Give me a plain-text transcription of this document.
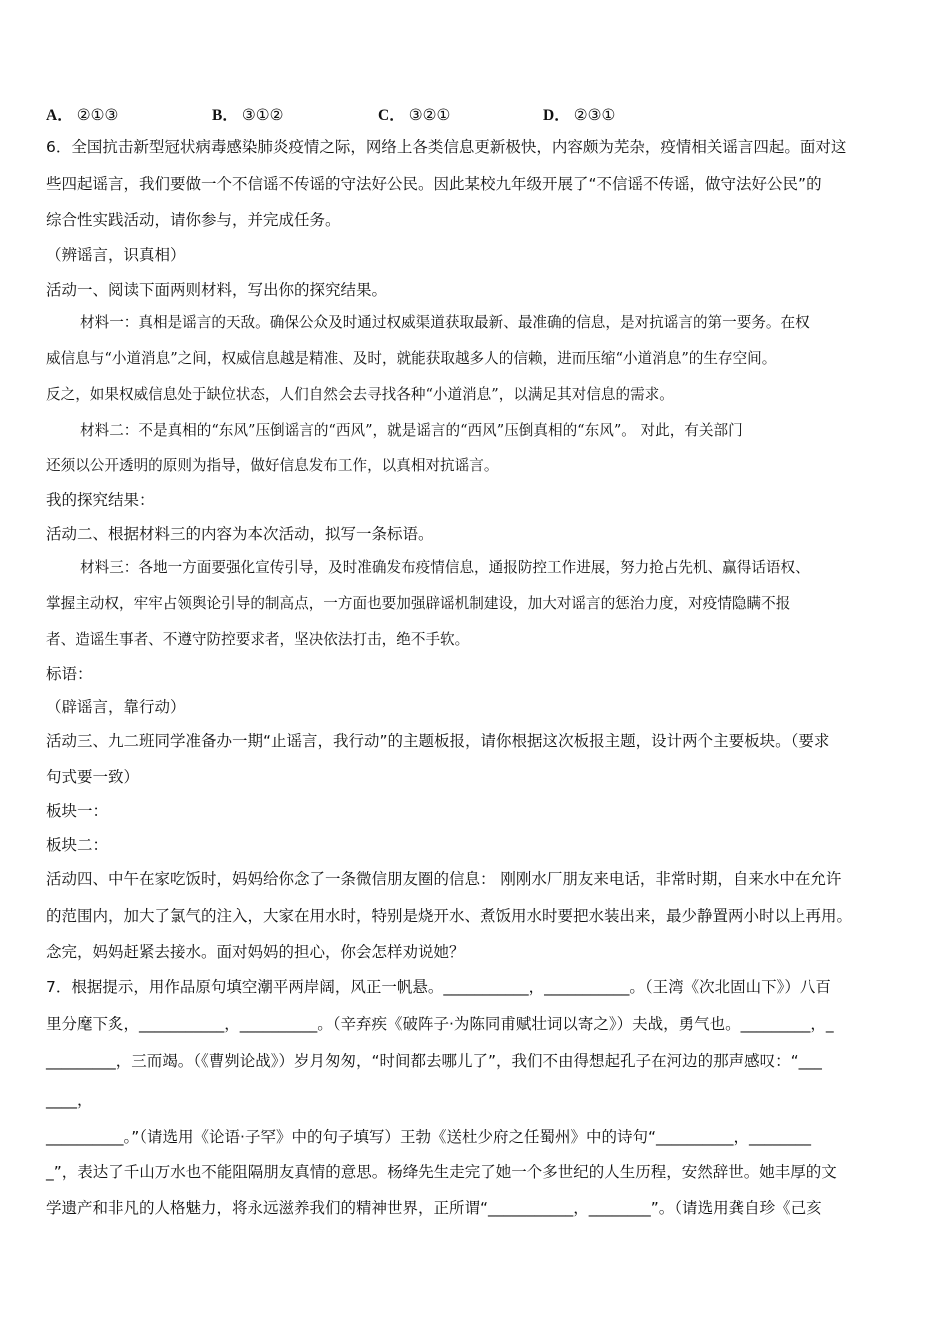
A． ②①③	B． ③①②	C． ③②①	D． ②③①
6．全国抗击新型冠状病毒感染肺炎疫情之际，网络上各类信息更新极快，内容颇为芜杂，疫情相关谣言四起。面对这
些四起谣言，我们要做一个不信谣不传谣的守法好公民。因此某校九年级开展了“不信谣不传谣，做守法好公民”的
综合性实践活动，请你参与，并完成任务。
（辨谣言，识真相）
活动一、阅读下面两则材料，写出你的探究结果。
材料一：真相是谣言的天敌。确保公众及时通过权威渠道获取最新、最准确的信息，是对抗谣言的第一要务。在权
威信息与“小道消息”之间，权威信息越是精准、及时，就能获取越多人的信赖，进而压缩“小道消息”的生存空间。
反之，如果权威信息处于缺位状态，人们自然会去寻找各种“小道消息”，以满足其对信息的需求。
材料二：不是真相的“东风”压倒谣言的“西风”，就是谣言的“西风”压倒真相的“东风”。 对此，有关部门
还须以公开透明的原则为指导，做好信息发布工作，以真相对抗谣言。
我的探究结果：
活动二、根据材料三的内容为本次活动，拟写一条标语。
材料三：各地一方面要强化宣传引导，及时准确发布疫情信息，通报防控工作进展，努力抢占先机、赢得话语权、
掌握主动权，牢牢占领舆论引导的制高点，一方面也要加强辟谣机制建设，加大对谣言的惩治力度，对疫情隐瞒不报
者、造谣生事者、不遵守防控要求者，坚决依法打击，绝不手软。
标语：
（辟谣言，靠行动）
活动三、九二班同学准备办一期“止谣言，我行动”的主题板报，请你根据这次板报主题，设计两个主要板块。（要求
句式要一致）
板块一：
板块二：
活动四、中午在家吃饭时，妈妈给你念了一条微信朋友圈的信息： 刚刚水厂朋友来电话，非常时期，自来水中在允许
的范围内，加大了氯气的注入，大家在用水时，特别是烧开水、煮饭用水时要把水装出来，最少静置两小时以上再用。
念完，妈妈赶紧去接水。面对妈妈的担心，你会怎样劝说她？
7．根据提示，用作品原句填空潮平两岸阔，风正一帆悬。___________，___________。（王湾《次北固山下》）八百
里分麾下炙，___________，__________。（辛弃疾《破阵子·为陈同甫赋壮词以寄之》）夫战，勇气也。_________，_
_________，三而竭。（《曹刿论战》）岁月匆匆，“时间都去哪儿了”，我们不由得想起孔子在河边的那声感叹：“___
____，
__________。”（请选用《论语·子罕》中的句子填写）王勃《送杜少府之任蜀州》中的诗句“__________，________
_”，表达了千山万水也不能阻隔朋友真情的意思。杨绛先生走完了她一个多世纪的人生历程，安然辞世。她丰厚的文
学遗产和非凡的人格魅力，将永远滋养我们的精神世界，正所谓“___________，________”。（请选用龚自珍《己亥
